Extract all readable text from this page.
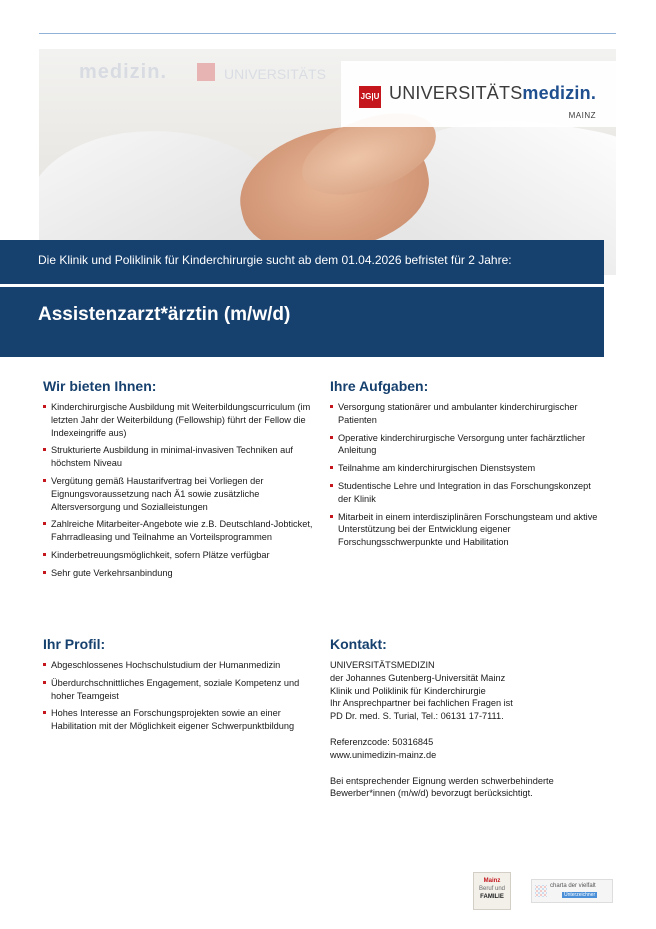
medizin.	UNIVERSITÄTS
JG|U UNIVERSITÄTSmedizin.
MAINZ
Die Klinik und Poliklinik für Kinderchirurgie sucht ab dem 01.04.2026 befristet für 2 Jahre:
Assistenzarzt*ärztin (m/w/d)
Wir bieten Ihnen:
Kinderchirurgische Ausbildung mit Weiterbildungscurriculum (im letzten Jahr der Weiterbildung (Fellowship) führt der Fellow die Indexeingriffe aus)
Strukturierte Ausbildung in minimal-invasiven Techniken auf höchstem Niveau
Vergütung gemäß Haustarifvertrag bei Vorliegen der Eignungsvoraussetzung nach Ä1 sowie zusätzliche Altersversorgung und Sozialleistungen
Zahlreiche Mitarbeiter-Angebote wie z.B. Deutschland-Jobticket, Fahrradleasing und Teilnahme an Vorteilsprogrammen
Kinderbetreuungsmöglichkeit, sofern Plätze verfügbar
Sehr gute Verkehrsanbindung
Ihre Aufgaben:
Versorgung stationärer und ambulanter kinderchirurgischer Patienten
Operative kinderchirurgische Versorgung unter fachärztlicher Anleitung
Teilnahme am kinderchirurgischen Dienstsystem
Studentische Lehre und Integration in das Forschungskonzept der Klinik
Mitarbeit in einem interdisziplinären Forschungsteam und aktive Unterstützung bei der Entwicklung eigener Forschungsschwerpunkte und Habilitation
Ihr Profil:
Abgeschlossenes Hochschulstudium der Humanmedizin
Überdurchschnittliches Engagement, soziale Kompetenz und hoher Teamgeist
Hohes Interesse an Forschungsprojekten sowie an einer Habilitation mit der Möglichkeit eigener Schwerpunktbildung
Kontakt:

UNIVERSITÄTSMEDIZIN

der Johannes Gutenberg-Universität Mainz

Klinik und Poliklinik für Kinderchirurgie

Ihr Ansprechpartner bei fachlichen Fragen ist

PD Dr. med. S. Turial, Tel.: 06131 17-7111.

Referenzcode: 50316845

www.unimedizin-mainz.de

Bei entsprechender Eignung werden schwerbehinderte Bewerber*innen (m/w/d) bevorzugt berücksichtigt.

Mainz
Beruf und
FAMILIE
charta der vielfalt
Unterzeichner
